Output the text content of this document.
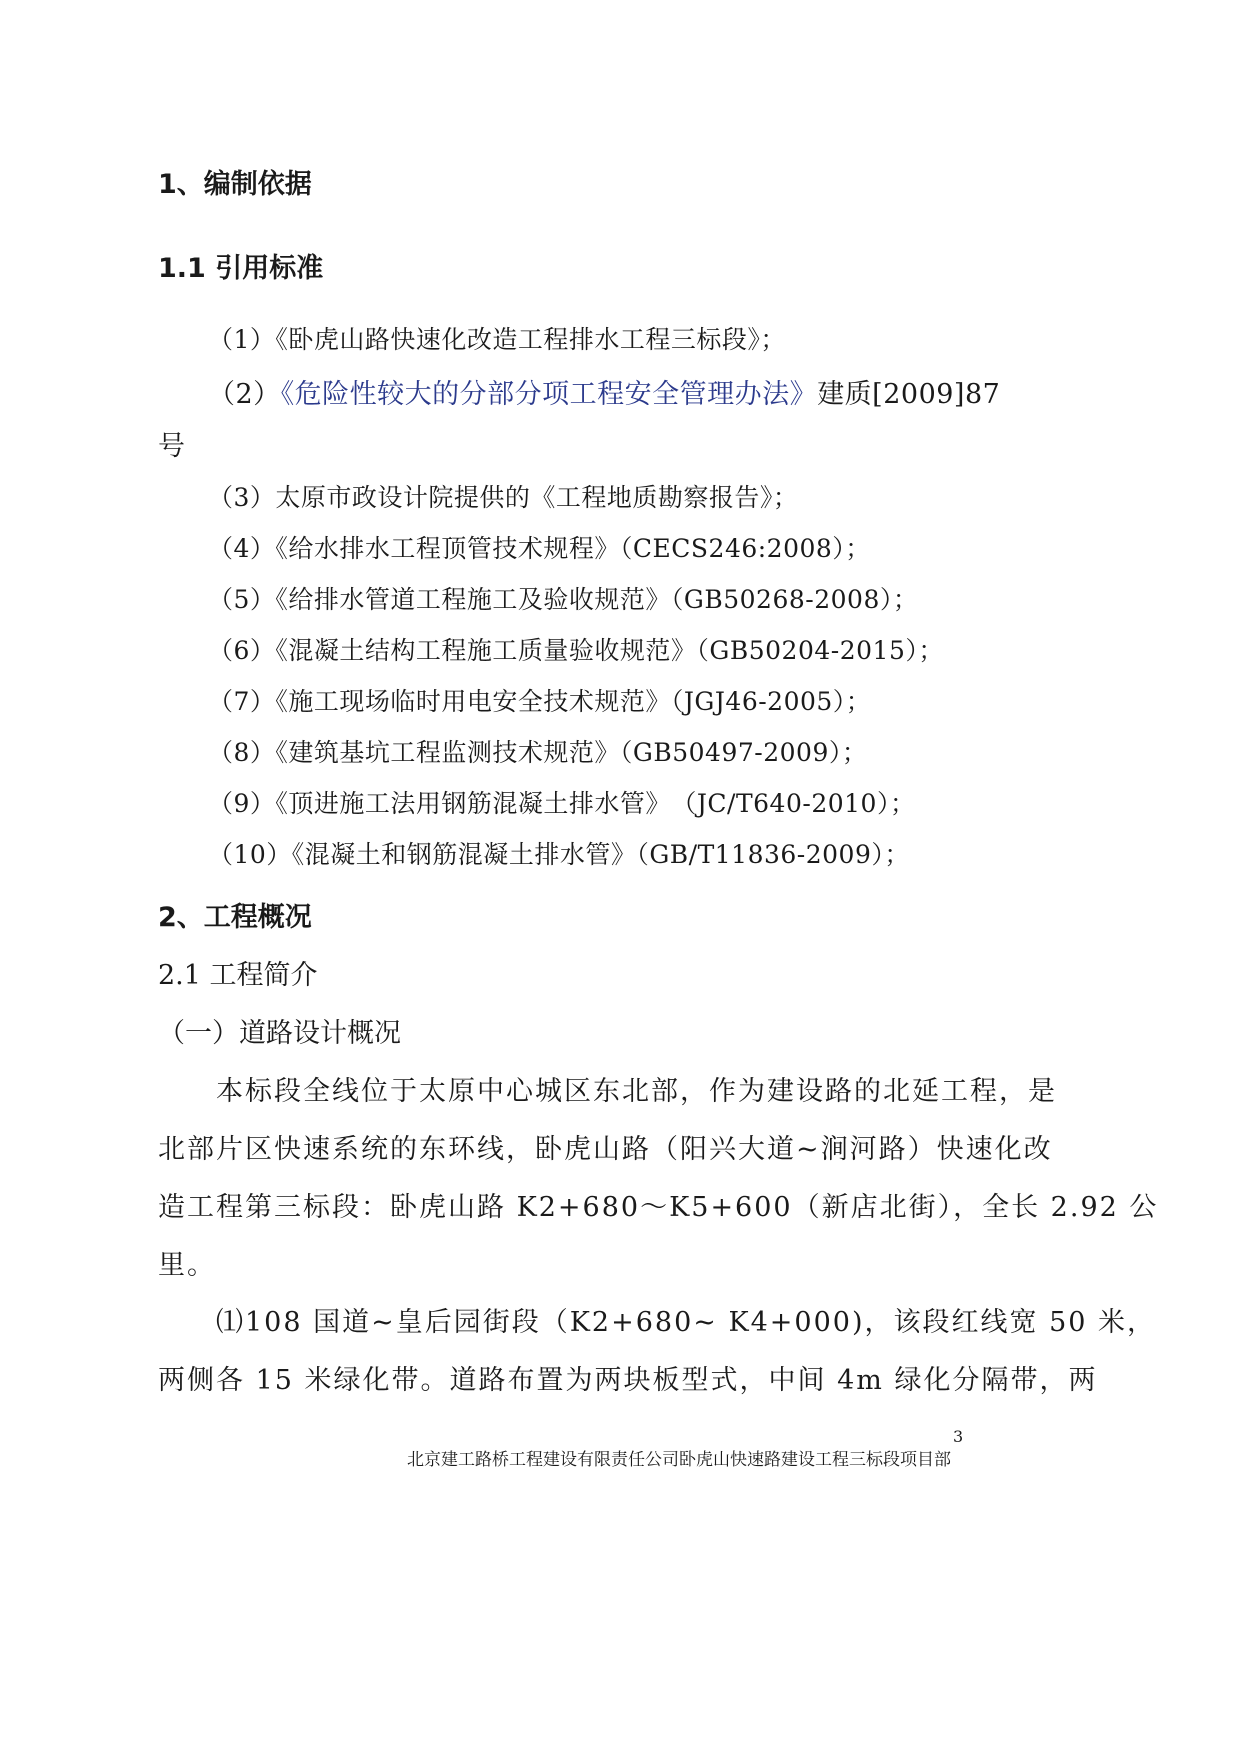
1、编制依据
1.1 引用标准
（1）《卧虎山路快速化改造工程排水工程三标段》；
（2）《危险性较大的分部分项工程安全管理办法》建质[2009]87
号
（3）太原市政设计院提供的《工程地质勘察报告》；
（4）《给水排水工程顶管技术规程》（CECS246:2008）；
（5）《给排水管道工程施工及验收规范》（GB50268-2008）；
（6）《混凝土结构工程施工质量验收规范》（GB50204-2015）；
（7）《施工现场临时用电安全技术规范》（JGJ46-2005）；
（8）《建筑基坑工程监测技术规范》（GB50497-2009）；
（9）《顶进施工法用钢筋混凝土排水管》　（JC/T640-2010）；
（10）《混凝土和钢筋混凝土排水管》（GB/T11836-2009）；
2、工程概况
2.1 工程简介
（一）道路设计概况
　　本标段全线位于太原中心城区东北部，作为建设路的北延工程，是
北部片区快速系统的东环线，卧虎山路（阳兴大道~涧河路）快速化改
造工程第三标段：卧虎山路 K2+680～K5+600（新店北街），全长 2.92 公
里。
　　⑴108 国道~皇后园街段（K2+680~ K4+000)，该段红线宽 50 米，
两侧各 15 米绿化带。道路布置为两块板型式，中间 4m 绿化分隔带，两
3
北京建工路桥工程建设有限责任公司卧虎山快速路建设工程三标段项目部
